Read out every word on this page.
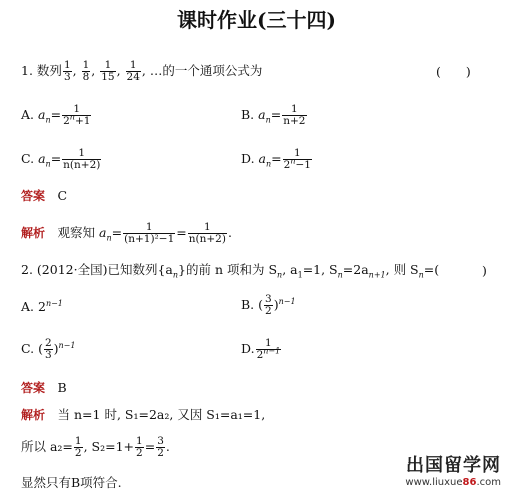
课时作业(三十四)
1. 数列 $\frac{1}{3}$ , $\frac{1}{8}$ , $\frac{1}{15}$ , $\frac{1}{24}$ , …的一个通项公式为	(　　)
A. $a_n= \frac{1}{2^n+1}$	B. $a_n= \frac{1}{n+2}$
C. $a_n= \frac{1}{n(n+2)}$	D. $a_n= \frac{1}{2^n-1}$
答案　 C
解析　 观察知 $a_n= \frac{1}{\text{(n+1)²−1}} = \frac{1}{n(n+2)}$ .
2. (2012·全国)已知数列$\{a_n\}$的前 n 项和为 $S_n$, $a_1=1$, $S_n=2a_{n+1}$, 则 $S_n=$(	)
A. $2^{n-1}$	B. ( $\frac{3}{2} )^{n-1}$
C. ( $\frac{2}{3} )^{n-1}$	D. $\frac{1}{2^{n-1}}$
答案　 B
解析　 当 n=1 时, S₁=2a₂, 又因 S₁=a₁=1,
所以 $a_2= \frac{1}{2}$ , $S_2=1+ \frac{1}{2} = \frac{3}{2}$ .
显然只有B项符合.
出国留学网
www.liuxue86.com
